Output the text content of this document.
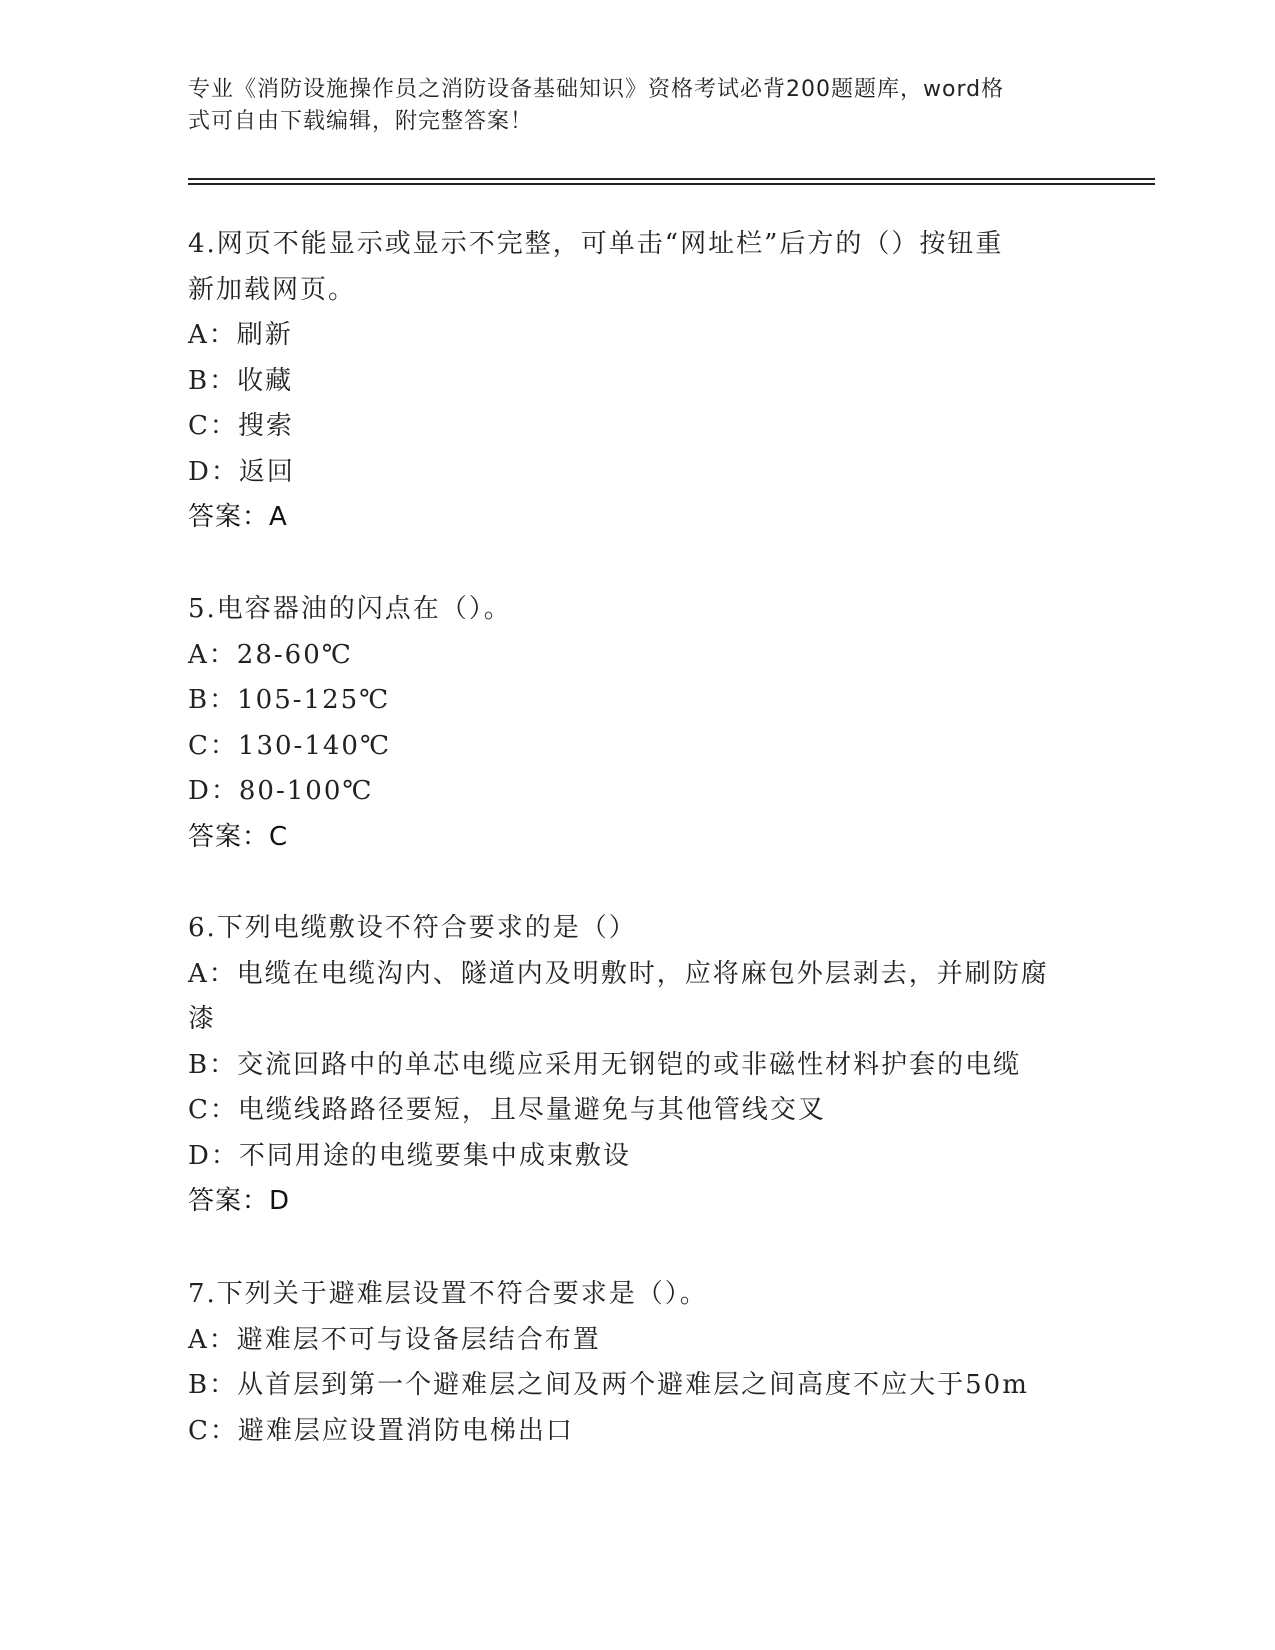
专业《消防设施操作员之消防设备基础知识》资格考试必背200题题库，word格
式可自由下载编辑，附完整答案！

4.网页不能显示或显示不完整，可单击“网址栏”后方的（）按钮重

新加载网页。

A：刷新

B：收藏

C：搜索

D：返回

答案：A

5.电容器油的闪点在（）。

A：28-60℃

B：105-125℃

C：130-140℃

D：80-100℃

答案：C

6.下列电缆敷设不符合要求的是（）

A：电缆在电缆沟内、隧道内及明敷时，应将麻包外层剥去，并刷防腐

漆

B：交流回路中的单芯电缆应采用无钢铠的或非磁性材料护套的电缆

C：电缆线路路径要短，且尽量避免与其他管线交叉

D：不同用途的电缆要集中成束敷设

答案：D

7.下列关于避难层设置不符合要求是（）。

A：避难层不可与设备层结合布置

B：从首层到第一个避难层之间及两个避难层之间高度不应大于50m

C：避难层应设置消防电梯出口
